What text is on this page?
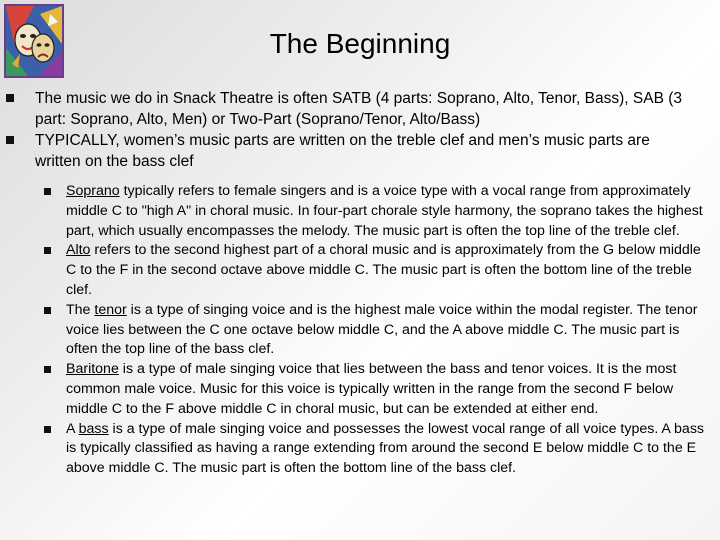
The Beginning
The music we do in Snack Theatre is often SATB (4 parts: Soprano, Alto, Tenor, Bass), SAB (3 part: Soprano, Alto, Men) or Two-Part (Soprano/Tenor, Alto/Bass)
TYPICALLY, women’s music parts are written on the treble clef and men’s music parts are written on the bass clef
Soprano typically refers to female singers and is a voice type with a vocal range from approximately middle C to "high A" in choral music. In four-part chorale style harmony, the soprano takes the highest part, which usually encompasses the melody. The music part is often the top line of the treble clef.
Alto refers to the second highest part of a choral music and is approximately from the G below middle C to the F in the second octave above middle C. The music part is often the bottom line of the treble clef.
The tenor is a type of singing voice and is the highest male voice within the modal register. The tenor voice lies between the C one octave below middle C, and the A above middle C. The music part is often the top line of the bass clef.
Baritone is a type of male singing voice that lies between the bass and tenor voices. It is the most common male voice. Music for this voice is typically written in the range from the second F below middle C to the F above middle C in choral music, but can be extended at either end.
A bass is a type of male singing voice and possesses the lowest vocal range of all voice types. A bass is typically classified as having a range extending from around the second E below middle C to the E above middle C. The music part is often the bottom line of the bass clef.
